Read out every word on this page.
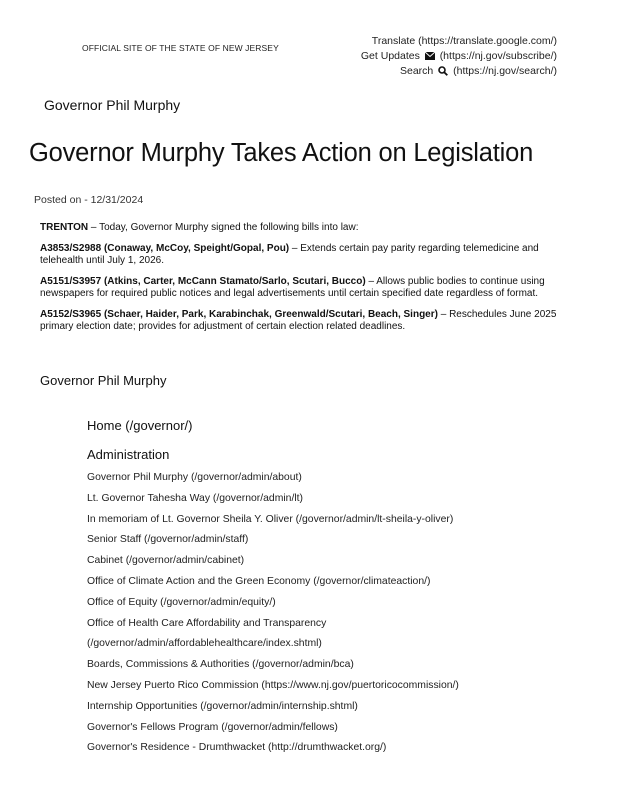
OFFICIAL SITE OF THE STATE OF NEW JERSEY
Translate (https://translate.google.com/)
Get Updates (https://nj.gov/subscribe/)
Search (https://nj.gov/search/)
Governor Phil Murphy
Governor Murphy Takes Action on Legislation
Posted on - 12/31/2024

TRENTON – Today, Governor Murphy signed the following bills into law:

A3853/S2988 (Conaway, McCoy, Speight/Gopal, Pou) – Extends certain pay parity regarding telemedicine and telehealth until July 1, 2026.

A5151/S3957 (Atkins, Carter, McCann Stamato/Sarlo, Scutari, Bucco) – Allows public bodies to continue using newspapers for required public notices and legal advertisements until certain specified date regardless of format.

A5152/S3965 (Schaer, Haider, Park, Karabinchak, Greenwald/Scutari, Beach, Singer) – Reschedules June 2025 primary election date; provides for adjustment of certain election related deadlines.

Governor Phil Murphy
Home (/governor/)
Administration
Governor Phil Murphy (/governor/admin/about)
Lt. Governor Tahesha Way (/governor/admin/lt)
In memoriam of Lt. Governor Sheila Y. Oliver (/governor/admin/lt-sheila-y-oliver)
Senior Staff (/governor/admin/staff)
Cabinet (/governor/admin/cabinet)
Office of Climate Action and the Green Economy (/governor/climateaction/)
Office of Equity (/governor/admin/equity/)
Office of Health Care Affordability and Transparency
(/governor/admin/affordablehealthcare/index.shtml)
Boards, Commissions & Authorities (/governor/admin/bca)
New Jersey Puerto Rico Commission (https://www.nj.gov/puertoricocommission/)
Internship Opportunities (/governor/admin/internship.shtml)
Governor's Fellows Program (/governor/admin/fellows)
Governor's Residence - Drumthwacket (http://drumthwacket.org/)
